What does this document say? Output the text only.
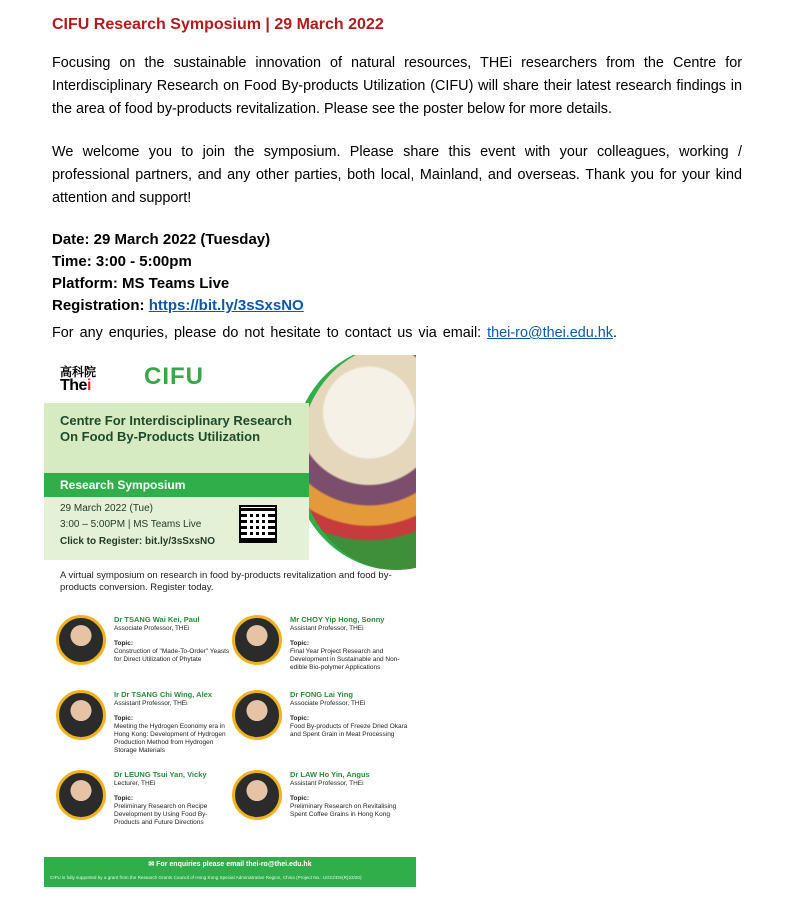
CIFU Research Symposium | 29 March 2022

Focusing on the sustainable innovation of natural resources, THEi researchers from the Centre for Interdisciplinary Research on Food By-products Utilization (CIFU) will share their latest research findings in the area of food by-products revitalization. Please see the poster below for more details.

We welcome you to join the symposium. Please share this event with your colleagues, working / professional partners, and any other parties, both local, Mainland, and overseas. Thank you for your kind attention and support!

Date: 29 March 2022 (Tuesday)
Time: 3:00 - 5:00pm
Platform: MS Teams Live
Registration: https://bit.ly/3sSxsNO
For any enquries, please do not hesitate to contact us via email: thei-ro@thei.edu.hk.
高科院
Thei CIFU
Centre For Interdisciplinary Research On Food By-Products Utilization
Research Symposium
29 March 2022 (Tue)
3:00 – 5:00PM | MS Teams Live
Click to Register: bit.ly/3sSxsNO
A virtual symposium on research in food by-products revitalization and food by-products conversion. Register today.
Dr TSANG Wai Kei, Paul
Associate Professor, THEi
Topic:
Construction of "Made-To-Order" Yeasts for Direct Utilization of Phytate
Mr CHOY Yip Hong, Sonny
Assistant Professor, THEi
Topic:
Final Year Project Research and Development in Sustainable and Non-edible Bio-polymer Applications
Ir Dr TSANG Chi Wing, Alex
Assistant Professor, THEi
Topic:
Meeting the Hydrogen Economy era in Hong Kong: Development of Hydrogen Production Method from Hydrogen Storage Materials
Dr FONG Lai Ying
Associate Professor, THEi
Topic:
Food By-products of Freeze Dried Okara and Spent Grain in Meat Processing
Dr LEUNG Tsui Yan, Vicky
Lecturer, THEi
Topic:
Preliminary Research on Recipe Development by Using Food By-Products and Future Directions
Dr LAW Ho Yin, Angus
Assistant Professor, THEi
Topic:
Preliminary Research on Revitalising Spent Coffee Grains in Hong Kong
✉ For enquiries please email thei-ro@thei.edu.hk
CIFU is fully supported by a grant from the Research Grants Council of Hong Kong Special Administrative Region, China (Project No.: UGC/IDS(R)23/20)
